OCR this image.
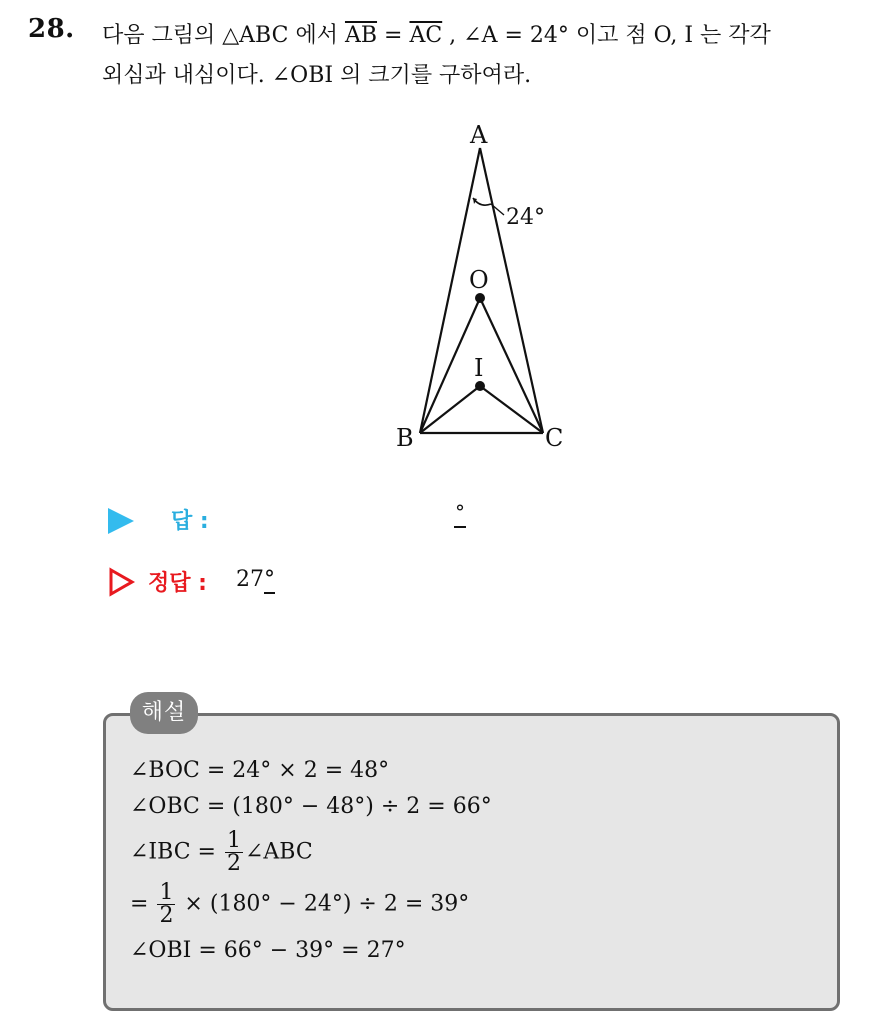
28. 다음 그림의 △ABC 에서 $\overline{AB} = \overline{AC}$ , ∠A = 24° 이고 점 O, I 는 각각
외심과 내심이다. ∠OBI 의 크기를 구하여라.
A
B	C
O
I
24°
답 :	°
정답 : 27°
해설
∠BOC = 24° × 2 = 48°
∠OBC = (180° − 48°) ÷ 2 = 66°
∠IBC = $\frac{1}{2}$ ∠ABC
= $\frac{1}{2} \times (180^\circ - 24^\circ) \div 2 = 39^\circ$
∠OBI = 66° − 39° = 27°
